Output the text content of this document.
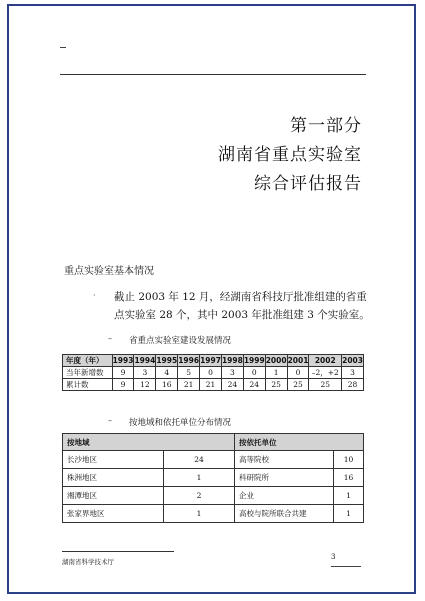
第一部分
湖南省重点实验室
综合评估报告
重点实验室基本情况
· 截止 2003 年 12 月，经湖南省科技厅批准组建的省重点实验室 28 个，其中 2003 年批准组建 3 个实验室。
– 省重点实验室建设发展情况
年度（年）	1993	1994	1995	1996	1997	1998	1999	2000	2001	2002	2003
当年新增数	9	3	4	5	0	3	0	1	0	–2，+2	3
累计数	9	12	16	21	21	24	24	25	25	25	28
– 按地域和依托单位分布情况
按地域		按依托单位	
长沙地区	24	高等院校	10
株洲地区	1	科研院所	16
湘潭地区	2	企业	1
张家界地区	1	高校与院所联合共建	1
湖南省科学技术厅
3
